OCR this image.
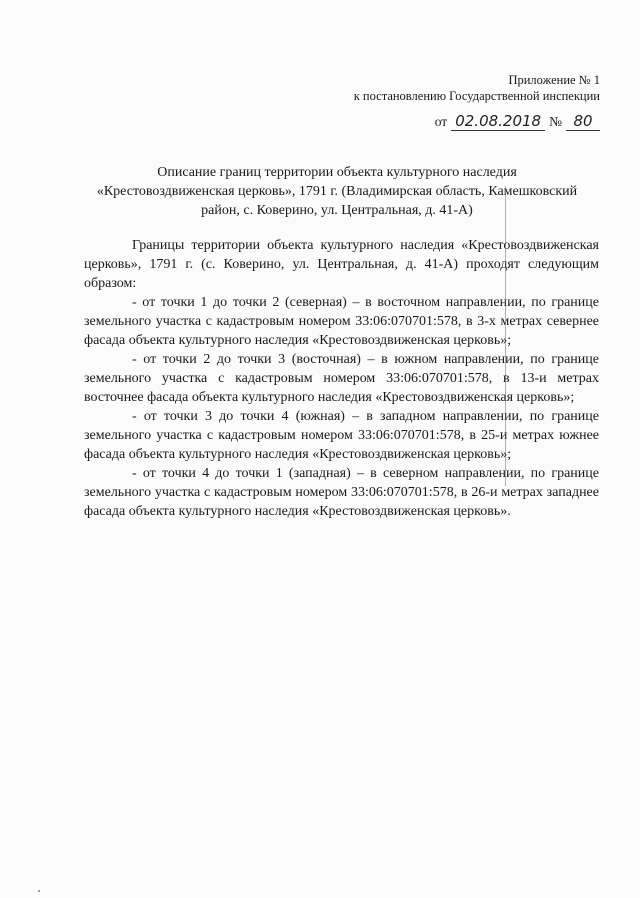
Приложение № 1
к постановлению Государственной инспекции
от 02.08.2018 № 80
Описание границ территории объекта культурного наследия
«Крестовоздвиженская церковь», 1791 г. (Владимирская область, Камешковский
район, с. Коверино, ул. Центральная, д. 41-А)

Границы территории объекта культурного наследия «Крестовоздвиженская церковь», 1791 г. (с. Коверино, ул. Центральная, д. 41-А) проходят следующим образом:

- от точки 1 до точки 2 (северная) – в восточном направлении, по границе земельного участка с кадастровым номером 33:06:070701:578, в 3-х метрах севернее фасада объекта культурного наследия «Крестовоздвиженская церковь»;

- от точки 2 до точки 3 (восточная) – в южном направлении, по границе земельного участка с кадастровым номером 33:06:070701:578, в 13-и метрах восточнее фасада объекта культурного наследия «Крестовоздвиженская церковь»;

- от точки 3 до точки 4 (южная) – в западном направлении, по границе земельного участка с кадастровым номером 33:06:070701:578, в 25-и метрах южнее фасада объекта культурного наследия «Крестовоздвиженская церковь»;

- от точки 4 до точки 1 (западная) – в северном направлении, по границе земельного участка с кадастровым номером 33:06:070701:578, в 26-и метрах западнее фасада объекта культурного наследия «Крестовоздвиженская церковь».
